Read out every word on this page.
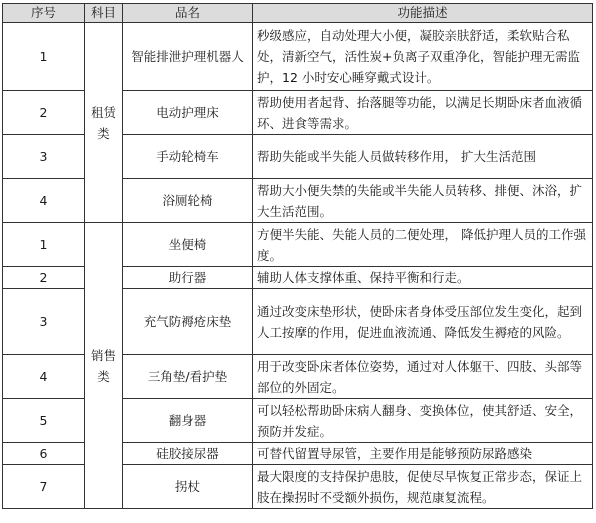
序号	科目	品名	功能描述
1	租赁类	智能排泄护理机器人	秒级感应，自动处理大小便，凝胶亲肤舒适，柔软贴合私处，清新空气，活性炭+负离子双重净化，智能护理无需监护，12 小时安心睡穿戴式设计。
2		电动护理床	帮助使用者起背、抬落腿等功能，以满足长期卧床者血液循环、进食等需求。
3		手动轮椅车	帮助失能或半失能人员做转移作用， 扩大生活范围
4		浴厕轮椅	帮助大小便失禁的失能或半失能人员转移、排便、沐浴，扩大生活范围。
1	销售类	坐便椅	方便半失能、失能人员的二便处理， 降低护理人员的工作强度。
2		助行器	辅助人体支撑体重、保持平衡和行走。
3		充气防褥疮床垫	通过改变床垫形状，使卧床者身体受压部位发生变化，起到人工按摩的作用，促进血液流通、降低发生褥疮的风险。
4		三角垫/看护垫	用于改变卧床者体位姿势，通过对人体躯干、四肢、头部等部位的外固定。
5		翻身器	可以轻松帮助卧床病人翻身、变换体位，使其舒适、安全，预防并发症。
6		硅胶接尿器	可替代留置导尿管，主要作用是能够预防尿路感染
7		拐杖	最大限度的支持保护患肢，促使尽早恢复正常步态，保证上肢在操拐时不受额外损伤，规范康复流程。
